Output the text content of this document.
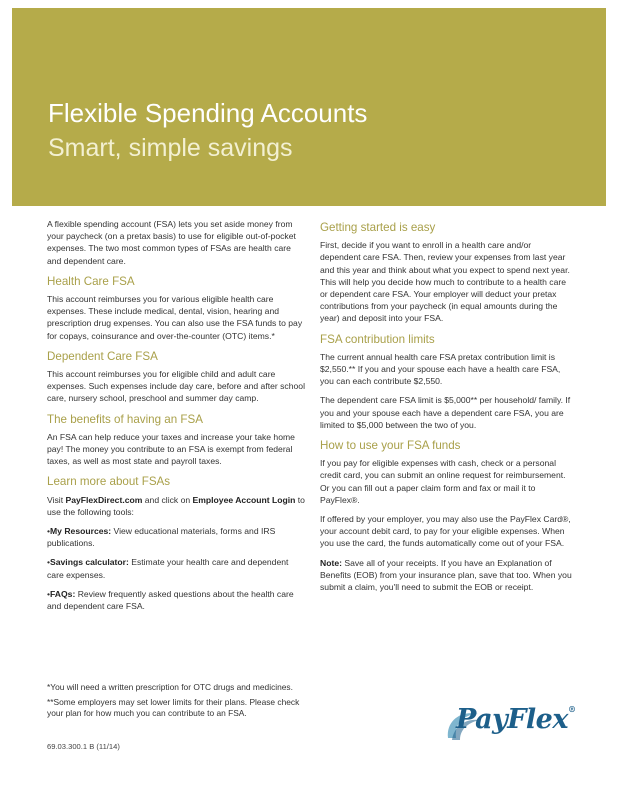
Flexible Spending Accounts
Smart, simple savings

A flexible spending account (FSA) lets you set aside money from your paycheck (on a pretax basis) to use for eligible out-of-pocket expenses. The two most common types of FSAs are health care and dependent care.

Health Care FSA

This account reimburses you for various eligible health care expenses. These include medical, dental, vision, hearing and prescription drug expenses. You can also use the FSA funds to pay for copays, coinsurance and over-the-counter (OTC) items.*

Dependent Care FSA

This account reimburses you for eligible child and adult care expenses. Such expenses include day care, before and after school care, nursery school, preschool and summer day camp.

The benefits of having an FSA

An FSA can help reduce your taxes and increase your take home pay! The money you contribute to an FSA is exempt from federal taxes, as well as most state and payroll taxes.

Learn more about FSAs

Visit PayFlexDirect.com and click on Employee Account Login to use the following tools:

•My Resources: View educational materials, forms and IRS publications.
•Savings calculator: Estimate your health care and dependent care expenses.
•FAQs: Review frequently asked questions about the health care and dependent care FSA.
Getting started is easy

First, decide if you want to enroll in a health care and/or dependent care FSA. Then, review your expenses from last year and this year and think about what you expect to spend next year. This will help you decide how much to contribute to a health care or dependent care FSA. Your employer will deduct your pretax contributions from your paycheck (in equal amounts during the year) and deposit into your FSA.

FSA contribution limits

The current annual health care FSA pretax contribution limit is $2,550.** If you and your spouse each have a health care FSA, you can each contribute $2,550.

The dependent care FSA limit is $5,000** per household/ family. If you and your spouse each have a dependent care FSA, you are limited to $5,000 between the two of you.

How to use your FSA funds

If you pay for eligible expenses with cash, check or a personal credit card, you can submit an online request for reimbursement. Or you can fill out a paper claim form and fax or mail it to PayFlex®.

If offered by your employer, you may also use the PayFlex Card®, your account debit card, to pay for your eligible expenses. When you use the card, the funds automatically come out of your FSA.

Note: Save all of your receipts. If you have an Explanation of Benefits (EOB) from your insurance plan, save that too. When you submit a claim, you'll need to submit the EOB or receipt.

*You will need a written prescription for OTC drugs and medicines.

**Some employers may set lower limits for their plans. Please check your plan for how much you can contribute to an FSA.

69.03.300.1 B (11/14)
PayFlex®
